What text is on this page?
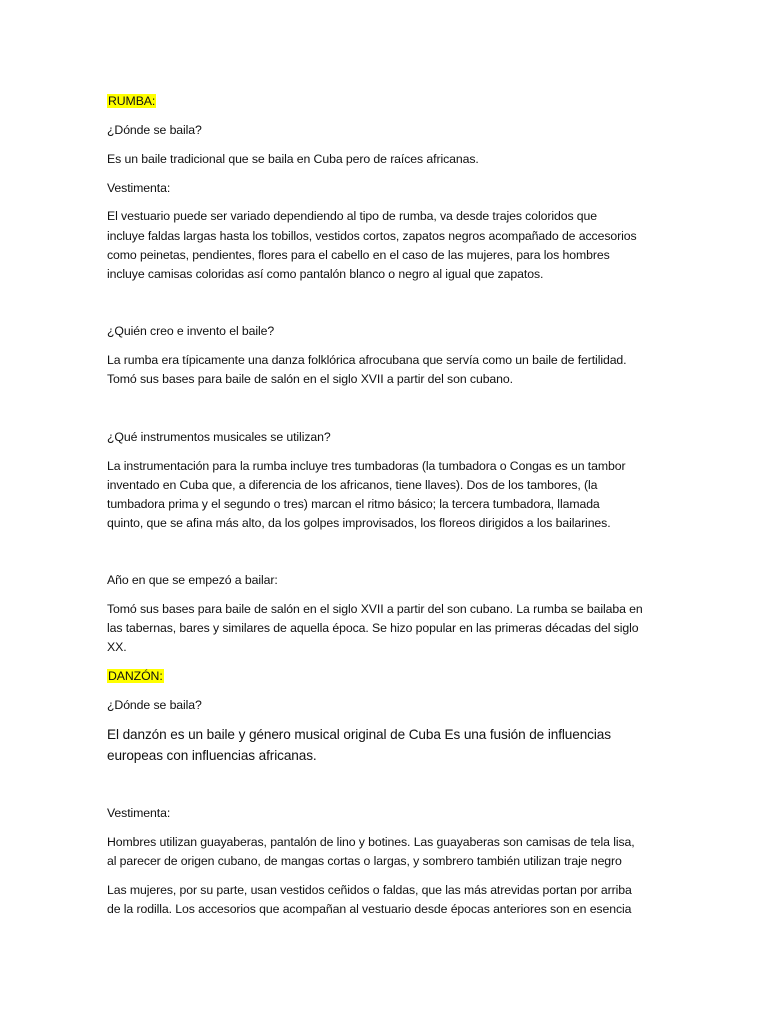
RUMBA:
¿Dónde se baila?
Es un baile tradicional que se baila en Cuba pero de raíces africanas.
Vestimenta:
El vestuario puede ser variado dependiendo al tipo de rumba, va desde trajes coloridos que
incluye faldas largas hasta los tobillos, vestidos cortos, zapatos negros acompañado de accesorios
como peinetas, pendientes, flores para el cabello en el caso de las mujeres, para los hombres
incluye camisas coloridas así como pantalón blanco o negro al igual que zapatos.
¿Quién creo e invento el baile?
La rumba era típicamente una danza folklórica afrocubana que servía como un baile de fertilidad.
Tomó sus bases para baile de salón en el siglo XVII a partir del son cubano.
¿Qué instrumentos musicales se utilizan?
La instrumentación para la rumba incluye tres tumbadoras (la tumbadora o Congas es un tambor
inventado en Cuba que, a diferencia de los africanos, tiene llaves). Dos de los tambores, (la
tumbadora prima y el segundo o tres) marcan el ritmo básico; la tercera tumbadora, llamada
quinto, que se afina más alto, da los golpes improvisados, los floreos dirigidos a los bailarines.
Año en que se empezó a bailar:
Tomó sus bases para baile de salón en el siglo XVII a partir del son cubano. La rumba se bailaba en
las tabernas, bares y similares de aquella época. Se hizo popular en las primeras décadas del siglo
XX.
DANZÓN:
¿Dónde se baila?
El danzón es un baile y género musical original de Cuba Es una fusión de influencias
europeas con influencias africanas.
Vestimenta:
Hombres utilizan guayaberas, pantalón de lino y botines. Las guayaberas son camisas de tela lisa,
al parecer de origen cubano, de mangas cortas o largas, y sombrero también utilizan traje negro
Las mujeres, por su parte, usan vestidos ceñidos o faldas, que las más atrevidas portan por arriba
de la rodilla. Los accesorios que acompañan al vestuario desde épocas anteriores son en esencia
